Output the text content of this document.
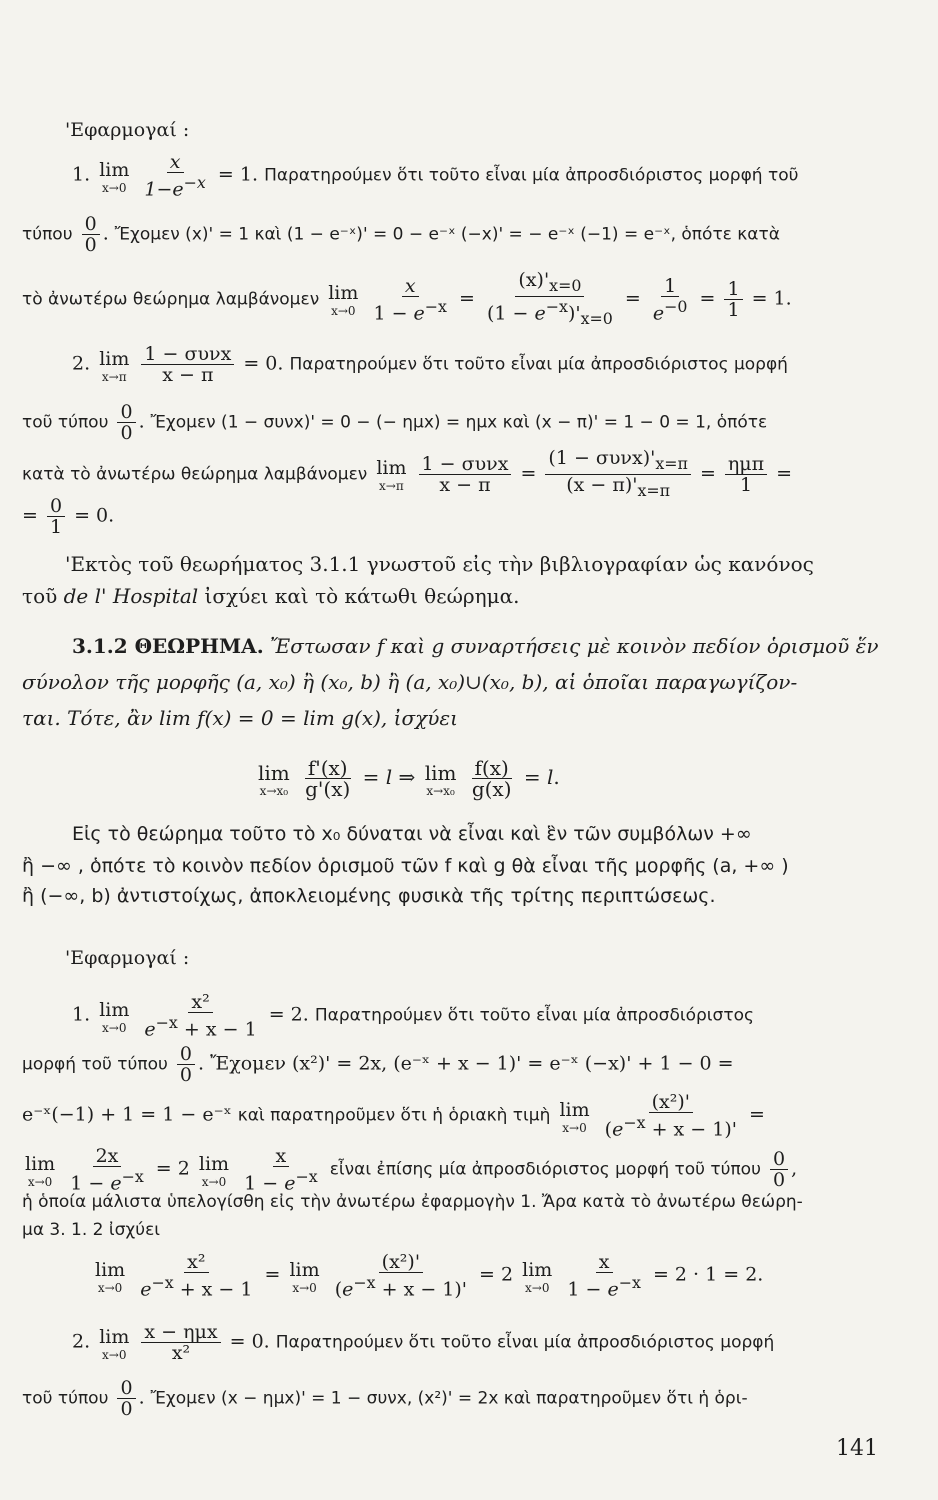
'Εφαρμογαί :
1. lim
x→0
$\frac{x}{1-e^{-x}} = 1$. Παρατηρούμεν ὅτι τοῦτο εἶναι μία ἀπροσδιόριστος μορφή τοῦ
τύπου $\frac{0}{0}$ . Ἔχομεν (x)' = 1 καὶ (1 − e⁻ˣ)' = 0 − e⁻ˣ (−x)' = − e⁻ˣ (−1) = e⁻ˣ, ὁπότε κατὰ
τὸ ἀνωτέρω θεώρημα λαμβάνομεν lim
x→0
$\frac{x}{1 - e^{-x}} = \frac{(x)'_{x=0}}{(1 - e^{-x})'_{x=0}} = \frac{1}{e^{-0}} = \frac{1}{1} = 1$.
2. lim
x→π
$\frac{\text{1 − συνx}}{x - \pi} = 0$. Παρατηρούμεν ὅτι τοῦτο εἶναι μία ἀπροσδιόριστος μορφή
τοῦ τύπου $\frac{0}{0}$ . Ἔχομεν (1 − συνx)' = 0 − (− ημx) = ημx καὶ (x − π)' = 1 − 0 = 1, ὁπότε
κατὰ τὸ ἀνωτέρω θεώρημα λαμβάνομεν lim
x→π
$\frac{\text{1 − συνx}}{x - \pi} = \frac{(1 - \sigma\upsilon\nu x)'_{x=\pi}}{(x - \pi)'_{x=\pi}} = \frac{\text{ημπ}}{1}$ =
= $\frac{0}{1} = 0$.
'Εκτὸς τοῦ θεωρήματος 3.1.1 γνωστοῦ εἰς τὴν βιβλιογραφίαν ὡς κανόνος
τοῦ de l' Hospital ἰσχύει καὶ τὸ κάτωθι θεώρημα.
3.1.2 ΘΕΩΡΗΜΑ. Ἔστωσαν f καὶ g συναρτήσεις μὲ κοινὸν πεδίον ὁρισμοῦ ἕν
σύνολον τῆς μορφῆς (a, x₀) ἢ (x₀, b) ἢ (a, x₀)∪(x₀, b), αἱ ὁποῖαι παραγωγίζον-
ται. Τότε, ἂν lim f(x) = 0 = lim g(x), ἰσχύει
lim
x→x₀
$\frac{f'(x)}{g'(x)} = l$ ⇒ lim
x→x₀
$\frac{f(x)}{g(x)} = l$.
Εἰς τὸ θεώρημα τοῦτο τὸ x₀ δύναται νὰ εἶναι καὶ ἓν τῶν συμβόλων +∞
ἢ −∞ , ὁπότε τὸ κοινὸν πεδίον ὁρισμοῦ τῶν f καὶ g θὰ εἶναι τῆς μορφῆς (a, +∞ )
ἢ (−∞, b) ἀντιστοίχως, ἀποκλειομένης φυσικὰ τῆς τρίτης περιπτώσεως.
'Εφαρμογαί :
1. lim
x→0
$\frac{\text{x²}}{e^{-x} + x - 1} = 2$. Παρατηρούμεν ὅτι τοῦτο εἶναι μία ἀπροσδιόριστος
μορφή τοῦ τύπου $\frac{0}{0}$ . Ἔχομεν (x²)' = 2x, (e⁻ˣ + x − 1)' = e⁻ˣ (−x)' + 1 − 0 =
e⁻ˣ(−1) + 1 = 1 − e⁻ˣ καὶ παρατηροῦμεν ὅτι ἡ ὁριακὴ τιμὴ lim
x→0
$\frac{\text{(x²)'}}{(e^{-x} + x - 1)'}$ =
lim
x→0
$\frac{2x}{1 - e^{-x}} = 2$ lim
x→0
$\frac{x}{1 - e^{-x}}$ εἶναι ἐπίσης μία ἀπροσδιόριστος μορφή τοῦ τύπου $\frac{0}{0}$ ,
ἡ ὁποία μάλιστα ὑπελογίσθη εἰς τὴν ἀνωτέρω ἐφαρμογὴν 1. Ἄρα κατὰ τὸ ἀνωτέρω θεώρη-
μα 3. 1. 2 ἰσχύει
lim
x→0
$\frac{\text{x²}}{e^{-x} + x - 1} = \lim$
x→0
$\frac{\text{(x²)'}}{(e^{-x} + x - 1)'} = 2$ lim
x→0
$\frac{x}{1 - e^{-x}} = 2 \cdot 1 = 2$.
2. lim
x→0
$\frac{\text{x − ημx}}{\text{x²}} = 0$. Παρατηρούμεν ὅτι τοῦτο εἶναι μία ἀπροσδιόριστος μορφή
τοῦ τύπου $\frac{0}{0}$ . Ἔχομεν (x − ημx)' = 1 − συνx, (x²)' = 2x καὶ παρατηροῦμεν ὅτι ἡ ὁρι-
141
